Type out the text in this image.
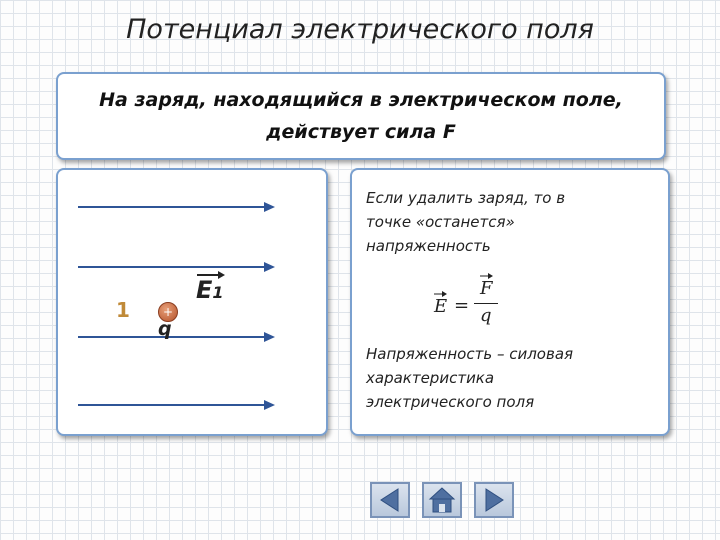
Потенциал электрического поля
На заряд, находящийся в электрическом поле,
действует сила F
1	+
q
E1
Если удалить заряд, то в
точке «останется»
напряженность
E =
F
q
Напряженность – силовая
характеристика
электрического поля
